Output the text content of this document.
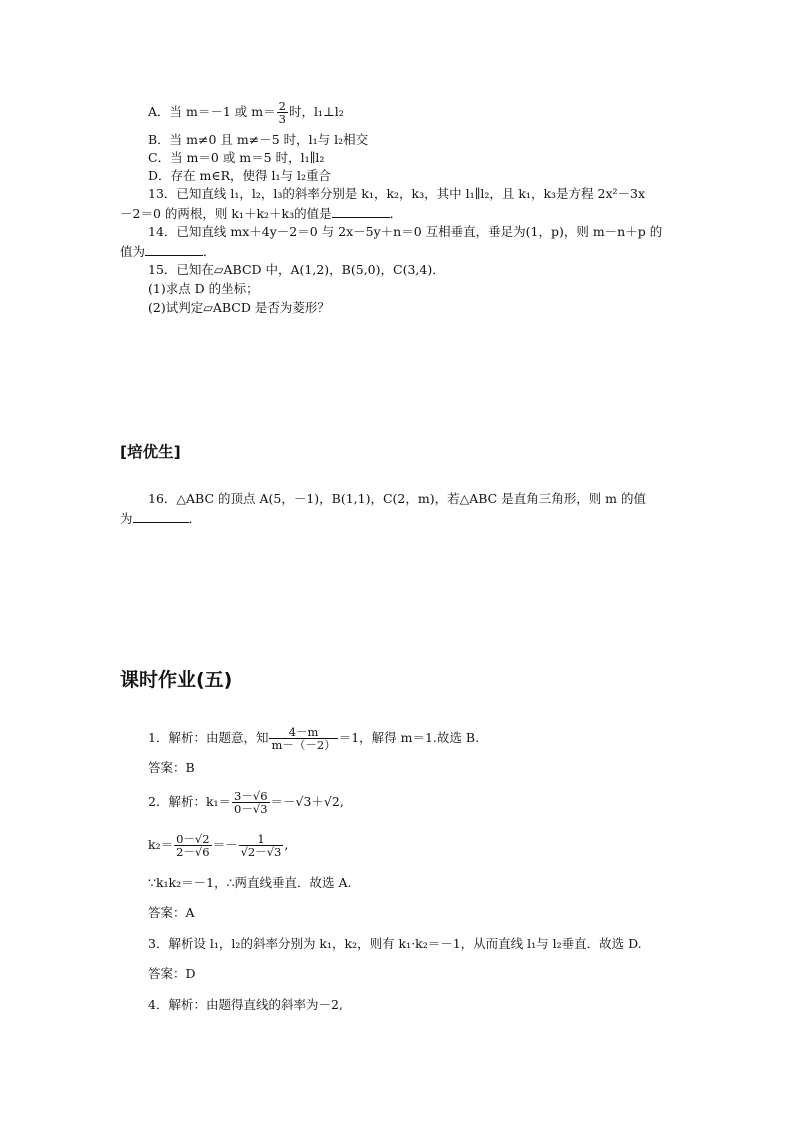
A．当 m＝－1 或 $m= \frac{2}{3}$ 时，l₁⊥l₂
B．当 m≠0 且 m≠－5 时，l₁与 l₂相交
C．当 m＝0 或 m＝5 时，l₁∥l₂
D．存在 m∈R，使得 l₁与 l₂重合
13．已知直线 l₁，l₂，l₃的斜率分别是 k₁，k₂，k₃，其中 l₁∥l₂，且 k₁，k₃是方程 2x²－3x
－2＝0 的两根，则 k₁＋k₂＋k₃的值是	．
14．已知直线 mx＋4y－2＝0 与 2x－5y＋n＝0 互相垂直，垂足为(1，p)，则 m－n＋p 的
值为	．
15．已知在▱ABCD 中，A(1,2)，B(5,0)，C(3,4)．
(1)求点 D 的坐标；
(2)试判定▱ABCD 是否为菱形？
[培优生]
16．△ABC 的顶点 A(5，－1)，B(1,1)，C(2，m)，若△ABC 是直角三角形，则 m 的值
为	．
课时作业(五)
1．解析：由题意，知 $\frac{4-m}{m-(-2)} =1$，解得 m＝1.故选 B.
答案：B
2．解析：$k_1= \frac{3-√6}{0-√3} =-√3+√2$,
$k_2= \frac{0-√2}{2-√6} =- \frac{1}{√2-√3}$ ,
∵k₁k₂＝－1，∴两直线垂直．故选 A.
答案：A
3．解析设 l₁，l₂的斜率分别为 k₁，k₂，则有 k₁·k₂＝－1，从而直线 l₁与 l₂垂直．故选 D.
答案：D
4．解析：由题得直线的斜率为－2,
